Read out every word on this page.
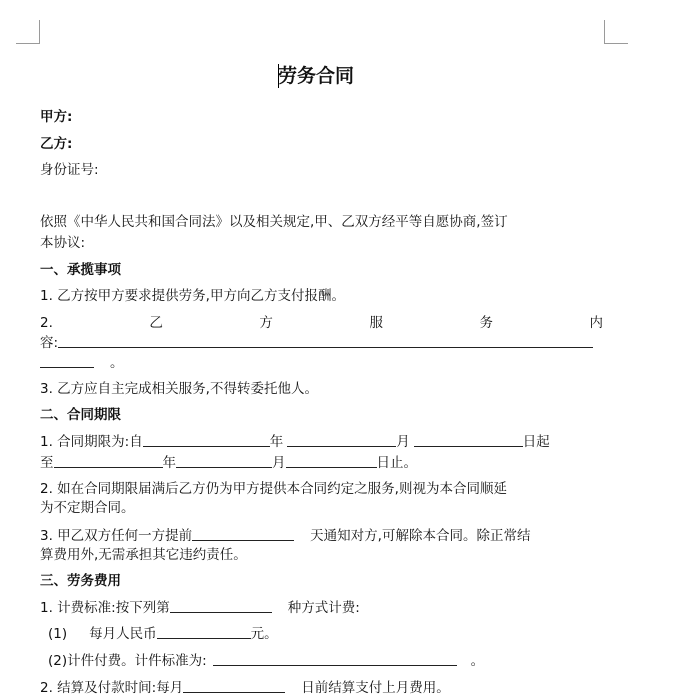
劳务合同
甲方:
乙方:
身份证号:
依照《中华人民共和国合同法》以及相关规定,甲、乙双方经平等自愿协商,签订
本协议:
一、承揽事项
1. 乙方按甲方要求提供劳务,甲方向乙方支付报酬。
2.	乙	方	服	务	内
容:
。
3. 乙方应自主完成相关服务,不得转委托他人。
二、合同期限
1. 合同期限为:自	年	月	日起
至	年	月	日止。
2. 如在合同期限届满后乙方仍为甲方提供本合同约定之服务,则视为本合同顺延
为不定期合同。
3. 甲乙双方任何一方提前	天通知对方,可解除本合同。除正常结
算费用外,无需承担其它违约责任。
三、劳务费用
1. 计费标准:按下列第	种方式计费:
(1) 每月人民币	元。
(2)计件付费。计件标准为:	。
2. 结算及付款时间:每月	日前结算支付上月费用。
